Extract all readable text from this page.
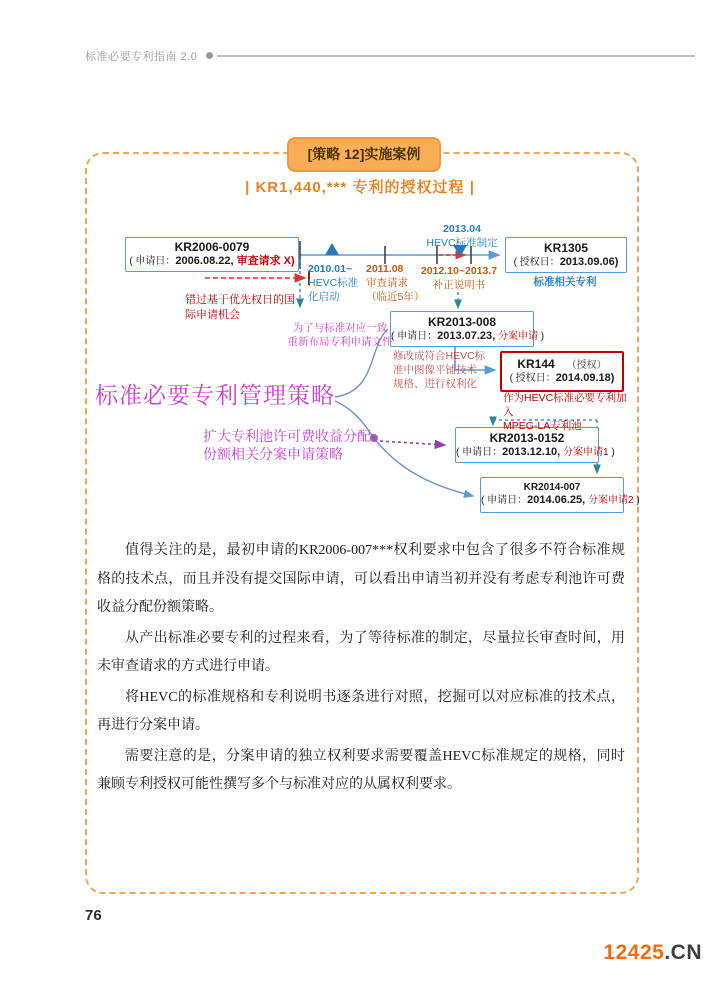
标准必要专利指南 2.0
[策略 12]实施案例
| KR1,440,*** 专利的授权过程 |
KR2006-0079
( 申请日：2006.08.22, 审查请求 X)
KR1305
( 授权日：2013.09.06)
标准相关专利
KR2013-008
( 申请日：2013.07.23, 分案申请 )
KR144 （授权）
( 授权日：2014.09.18)
KR2013-0152
( 申请日：2013.12.10, 分案申请1 )
KR2014-007
( 申请日：2014.06.25, 分案申请2 )
2010.01~
HEVC标准
化启动
2011.08
审查请求
（临近5年）
2012.10~2013.7
补正说明书
2013.04
HEVC标准制定
错过基于优先权日的国
际申请机会
为了与标准对应一致
重新布局专利申请文件
修改成符合HEVC标
准中图像平铺技术
规格、进行权利化
作为HEVC标准必要专利加入
MPEG-LA专利池
标准必要专利管理策略
扩大专利池许可费收益分配
份额相关分案申请策略

值得关注的是，最初申请的KR2006-007***权利要求中包含了很多不符合标准规格的技术点，而且并没有提交国际申请，可以看出申请当初并没有考虑专利池许可费收益分配份额策略。

从产出标准必要专利的过程来看，为了等待标准的制定，尽量拉长审查时间，用未审查请求的方式进行申请。

将HEVC的标准规格和专利说明书逐条进行对照，挖掘可以对应标准的技术点，再进行分案申请。

需要注意的是，分案申请的独立权利要求需要覆盖HEVC标准规定的规格，同时兼顾专利授权可能性撰写多个与标准对应的从属权利要求。

76
12425.CN
